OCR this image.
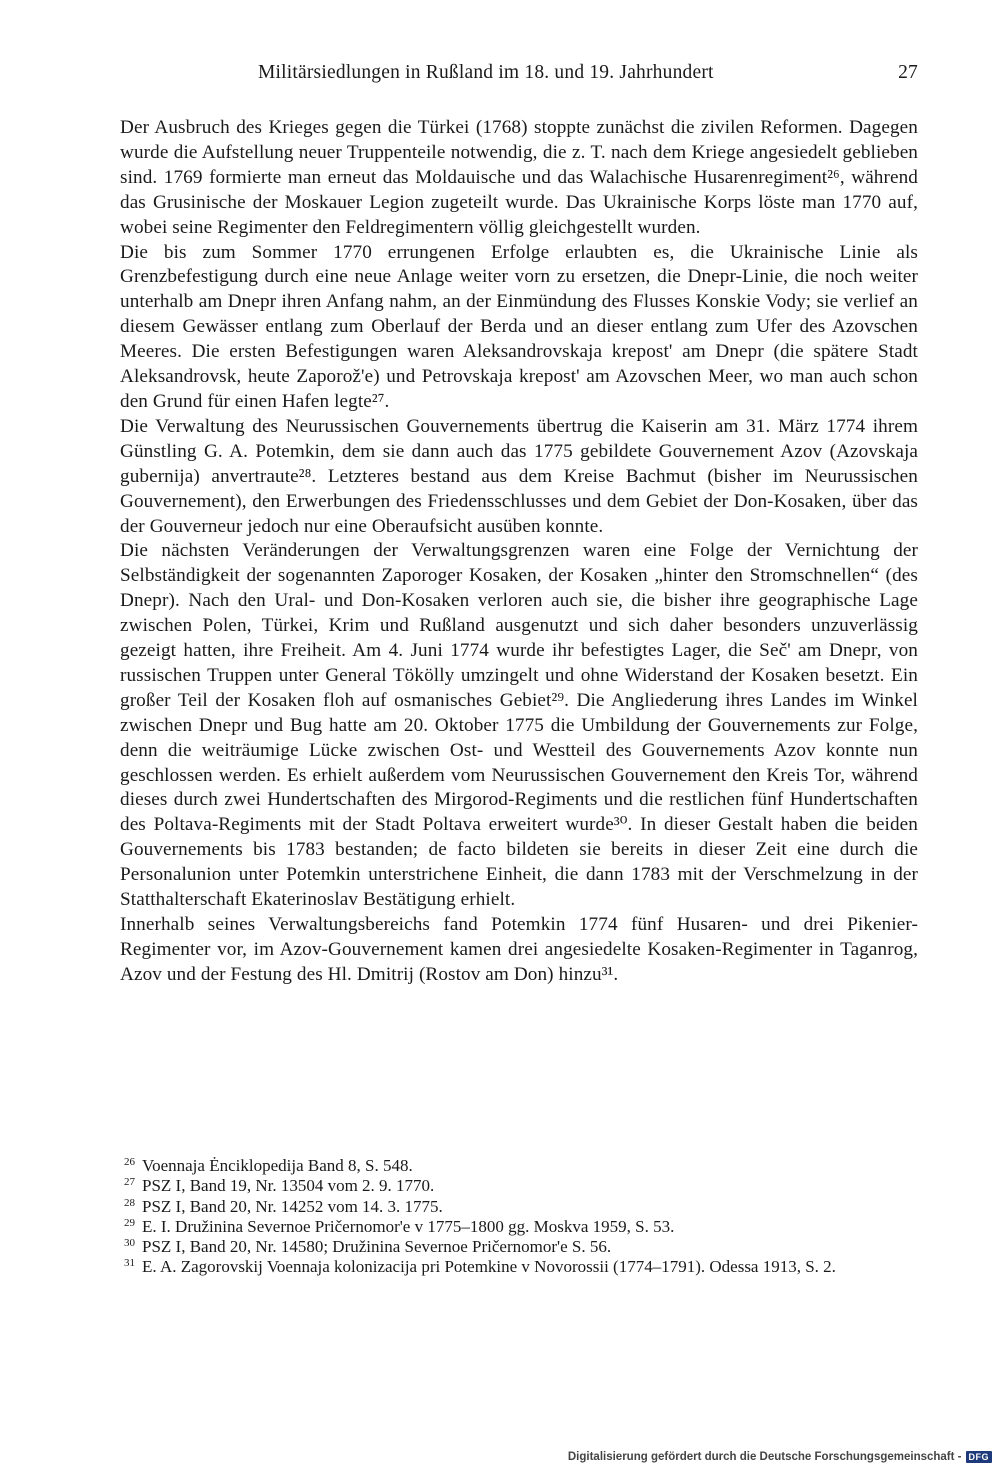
Militärsiedlungen in Rußland im 18. und 19. Jahrhundert	27

Der Ausbruch des Krieges gegen die Türkei (1768) stoppte zunächst die zivilen Reformen. Dagegen wurde die Aufstellung neuer Truppenteile notwendig, die z. T. nach dem Kriege angesiedelt geblieben sind. 1769 formierte man erneut das Moldauische und das Walachische Husarenregiment²⁶, während das Grusinische der Moskauer Legion zugeteilt wurde. Das Ukrainische Korps löste man 1770 auf, wobei seine Regimenter den Feldregimentern völlig gleichgestellt wurden.

Die bis zum Sommer 1770 errungenen Erfolge erlaubten es, die Ukrainische Linie als Grenzbefestigung durch eine neue Anlage weiter vorn zu ersetzen, die Dnepr-Linie, die noch weiter unterhalb am Dnepr ihren Anfang nahm, an der Einmündung des Flusses Konskie Vody; sie verlief an diesem Gewässer entlang zum Oberlauf der Berda und an dieser entlang zum Ufer des Azovschen Meeres. Die ersten Befestigungen waren Aleksandrovskaja krepost' am Dnepr (die spätere Stadt Aleksandrovsk, heute Zaporož'e) und Petrovskaja krepost' am Azovschen Meer, wo man auch schon den Grund für einen Hafen legte²⁷.

Die Verwaltung des Neurussischen Gouvernements übertrug die Kaiserin am 31. März 1774 ihrem Günstling G. A. Potemkin, dem sie dann auch das 1775 gebildete Gouvernement Azov (Azovskaja gubernija) anvertraute²⁸. Letzteres bestand aus dem Kreise Bachmut (bisher im Neurussischen Gouvernement), den Erwerbungen des Friedensschlusses und dem Gebiet der Don-Kosaken, über das der Gouverneur jedoch nur eine Oberaufsicht ausüben konnte.

Die nächsten Veränderungen der Verwaltungsgrenzen waren eine Folge der Vernichtung der Selbständigkeit der sogenannten Zaporoger Kosaken, der Kosaken „hinter den Stromschnellen“ (des Dnepr). Nach den Ural- und Don-Kosaken verloren auch sie, die bisher ihre geographische Lage zwischen Polen, Türkei, Krim und Rußland ausgenutzt und sich daher besonders unzuverlässig gezeigt hatten, ihre Freiheit. Am 4. Juni 1774 wurde ihr befestigtes Lager, die Seč' am Dnepr, von russischen Truppen unter General Tökölly umzingelt und ohne Widerstand der Kosaken besetzt. Ein großer Teil der Kosaken floh auf osmanisches Gebiet²⁹. Die Angliederung ihres Landes im Winkel zwischen Dnepr und Bug hatte am 20. Oktober 1775 die Umbildung der Gouvernements zur Folge, denn die weiträumige Lücke zwischen Ost- und Westteil des Gouvernements Azov konnte nun geschlossen werden. Es erhielt außerdem vom Neurussischen Gouvernement den Kreis Tor, während dieses durch zwei Hundertschaften des Mirgorod-Regiments und die restlichen fünf Hundertschaften des Poltava-Regiments mit der Stadt Poltava erweitert wurde³⁰. In dieser Gestalt haben die beiden Gouvernements bis 1783 bestanden; de facto bildeten sie bereits in dieser Zeit eine durch die Personalunion unter Potemkin unterstrichene Einheit, die dann 1783 mit der Verschmelzung in der Statthalterschaft Ekaterinoslav Bestätigung erhielt.

Innerhalb seines Verwaltungsbereichs fand Potemkin 1774 fünf Husaren- und drei Pikenier-Regimenter vor, im Azov-Gouvernement kamen drei angesiedelte Kosaken-Regimenter in Taganrog, Azov und der Festung des Hl. Dmitrij (Rostov am Don) hinzu³¹.

26 Voennaja Ėnciklopedija Band 8, S. 548.
27 PSZ I, Band 19, Nr. 13504 vom 2. 9. 1770.
28 PSZ I, Band 20, Nr. 14252 vom 14. 3. 1775.
29 E. I. Družinina Severnoe Pričernomor'e v 1775–1800 gg. Moskva 1959, S. 53.
30 PSZ I, Band 20, Nr. 14580; Družinina Severnoe Pričernomor'e S. 56.
31 E. A. Zagorovskij Voennaja kolonizacija pri Potemkine v Novorossii (1774–1791). Odessa 1913, S. 2.
Digitalisierung gefördert durch die Deutsche Forschungsgemeinschaft - DFG
